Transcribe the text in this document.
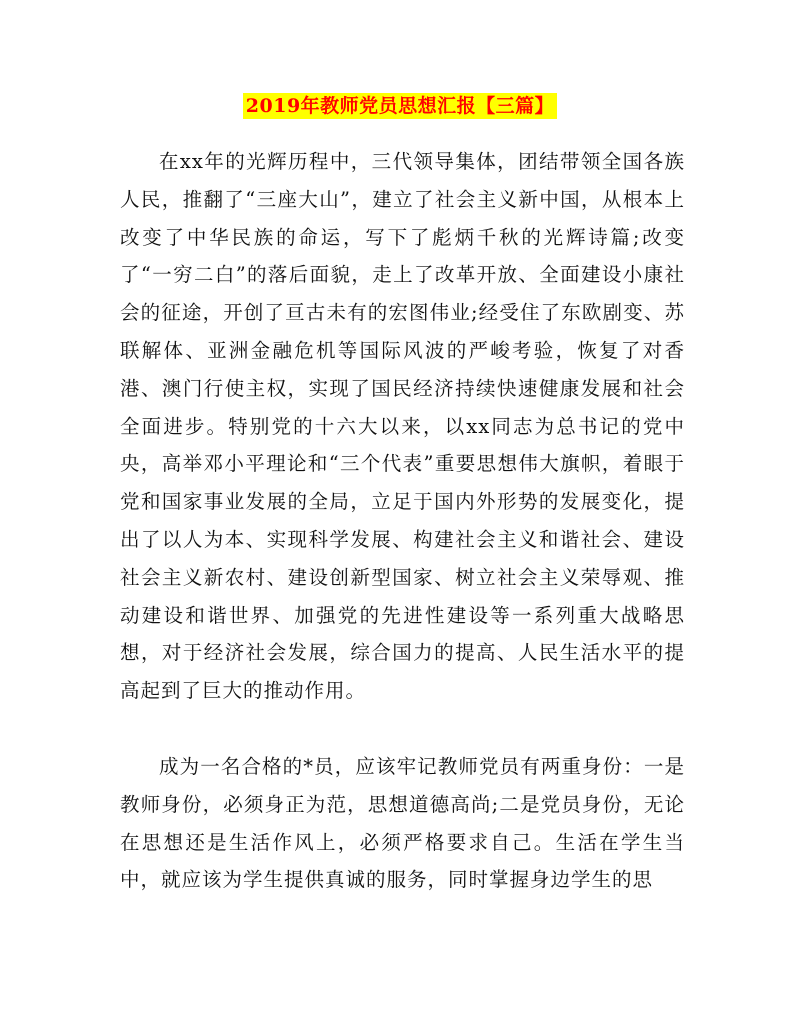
2019年教师党员思想汇报【三篇】

在xx年的光辉历程中，三代领导集体，团结带领全国各族人民，推翻了“三座大山”，建立了社会主义新中国，从根本上改变了中华民族的命运，写下了彪炳千秋的光辉诗篇;改变了“一穷二白”的落后面貌，走上了改革开放、全面建设小康社会的征途，开创了亘古未有的宏图伟业;经受住了东欧剧变、苏联解体、亚洲金融危机等国际风波的严峻考验，恢复了对香港、澳门行使主权，实现了国民经济持续快速健康发展和社会全面进步。特别党的十六大以来，以xx同志为总书记的党中央，高举邓小平理论和“三个代表”重要思想伟大旗帜，着眼于党和国家事业发展的全局，立足于国内外形势的发展变化，提出了以人为本、实现科学发展、构建社会主义和谐社会、建设社会主义新农村、建设创新型国家、树立社会主义荣辱观、推动建设和谐世界、加强党的先进性建设等一系列重大战略思想，对于经济社会发展，综合国力的提高、人民生活水平的提高起到了巨大的推动作用。

成为一名合格的*员，应该牢记教师党员有两重身份：一是教师身份，必须身正为范，思想道德高尚;二是党员身份，无论在思想还是生活作风上，必须严格要求自己。生活在学生当中，就应该为学生提供真诚的服务，同时掌握身边学生的思
